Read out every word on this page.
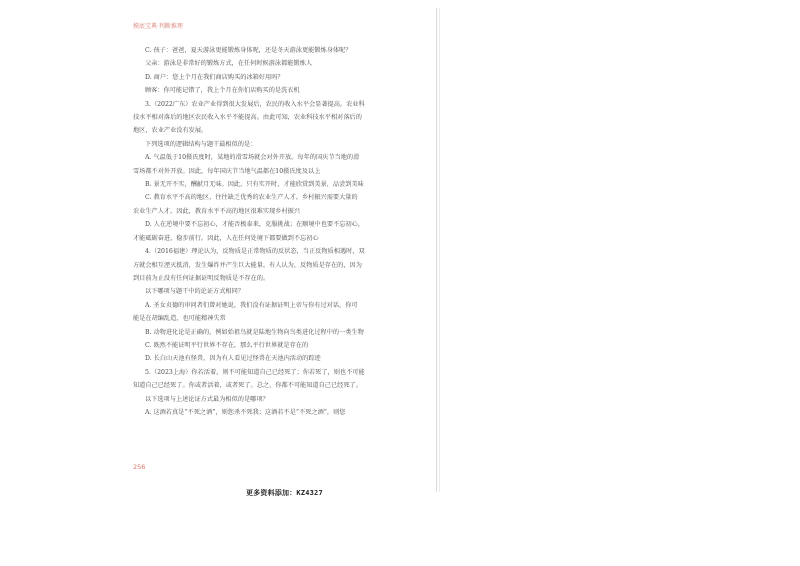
摸底宝典·判断推理

C. 孩子：爸爸，夏天游泳更能锻炼身体呢，还是冬天游泳更能锻炼身体呢？

父亲：游泳是非常好的锻炼方式，在任何时候游泳都能锻炼人

D. 商户：您上个月在我们商店购买的冰箱好用吗？

顾客：你可能记错了，我上个月在你们店购买的是洗衣机

3.（2022广东）农业产业得到很大发展后，农民的收入水平会显著提高。农业科

技水平相对落后的地区农民收入水平不能提高。由此可知，农业科技水平相对落后的

地区，农业产业没有发展。

下列选项的逻辑结构与题干最相似的是：

A. 气温低于10摄氏度时，某地的滑雪场就会对外开放。每年的国庆节当地的滑

雪场都不对外开放。因此，每年国庆节当地气温都在10摄氏度及以上

B. 景无开不实，酬献月无味。因此，只有实开时，才能欣赏到美景，品尝到美味

C. 教育水平不高的地区，往往缺乏优秀的农业生产人才。乡村振兴需要大量的

农业生产人才。因此，教育水平不高的地区很难实现乡村振兴

D. 人在逆境中要不忘初心，才能否极泰来，克服挑战；在顺境中也要不忘初心，

才能砥砺奋进，稳步前行。因此，人在任何处境下都要做到不忘初心

4.（2016福建）理论认为，反物质是正常物质的反状态，当正反物质相遇时，双

方就会相互湮灭抵消，发生爆炸并产生巨大能量。有人认为，反物质是存在的，因为

到目前为止没有任何证据证明反物质是不存在的。

以下哪项与题干中的论证方式相同？

A. 圣女贞德的审问者们曾对她说，我们没有证据证明上帝与你有过对话，你可

能是在胡编乱造，也可能精神失常

B. 动物进化论是正确的，例如始祖鸟就是陆地生物向鸟类进化过程中的一类生物

C. 既然不能证明平行世界不存在，那么平行世界就是存在的

D. 长白山天池有怪兽，因为有人看见过怪兽在天池内活动的踪迹

5.（2023上海）你若活着，则不可能知道自己已经死了；你若死了，则也不可能

知道自己已经死了。你或者活着，或者死了。总之，你都不可能知道自己已经死了。

以下选项与上述论证方式最为相似的是哪项？

A. 这酒若真是“不死之酒”，则您杀不死我；这酒若不是“不死之酒”，则您

256
更多资料添加：KZ4327
